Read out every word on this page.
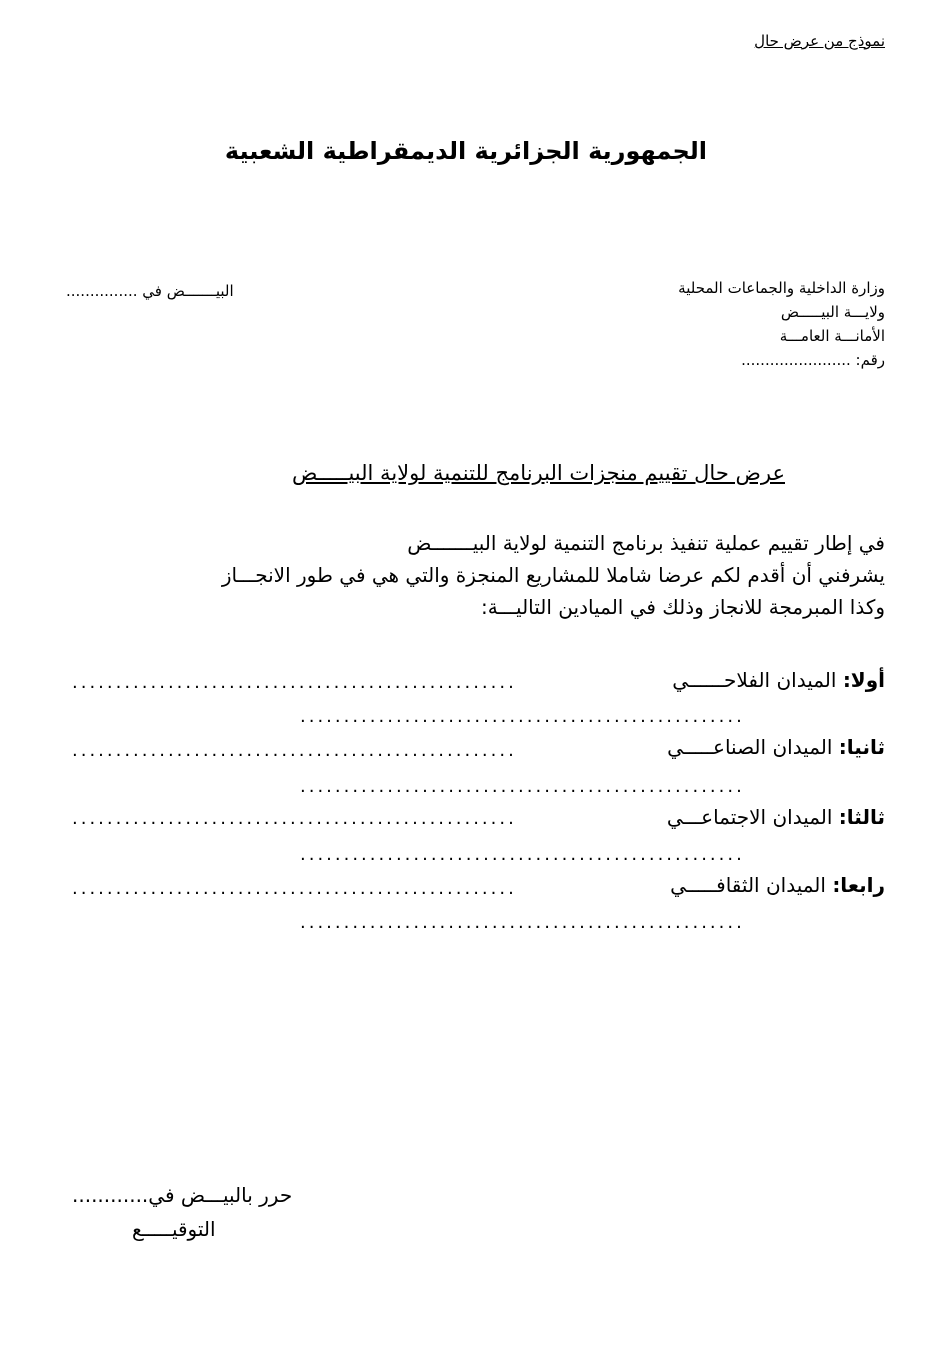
نموذج من عرض حال
الجمهورية الجزائرية الديمقراطية الشعبية
وزارة الداخلية والجماعات المحلية
ولايـــة البيـــــض
الأمانـــة العامـــة
رقم: .......................
البيـــــــض في ...............
عرض حال تقييم منجزات البرنامج للتنمية لولاية البيـــــض
في إطار تقييم عملية تنفيذ برنامج التنمية لولاية البيـــــــض
يشرفني أن أقدم لكم عرضا شاملا للمشاريع المنجزة والتي هي في طور الانجـــاز
وكذا المبرمجة للانجاز وذلك في الميادين التاليـــة:
أولا: الميدان الفلاحــــــي
...................................................
...................................................
ثانيا: الميدان الصناعـــــي
...................................................
...................................................
ثالثا: الميدان الاجتماعـــي
...................................................
...................................................
رابعا: الميدان الثقافـــــي
...................................................
...................................................
حرر بالبيـــض في............
التوقيـــــع
